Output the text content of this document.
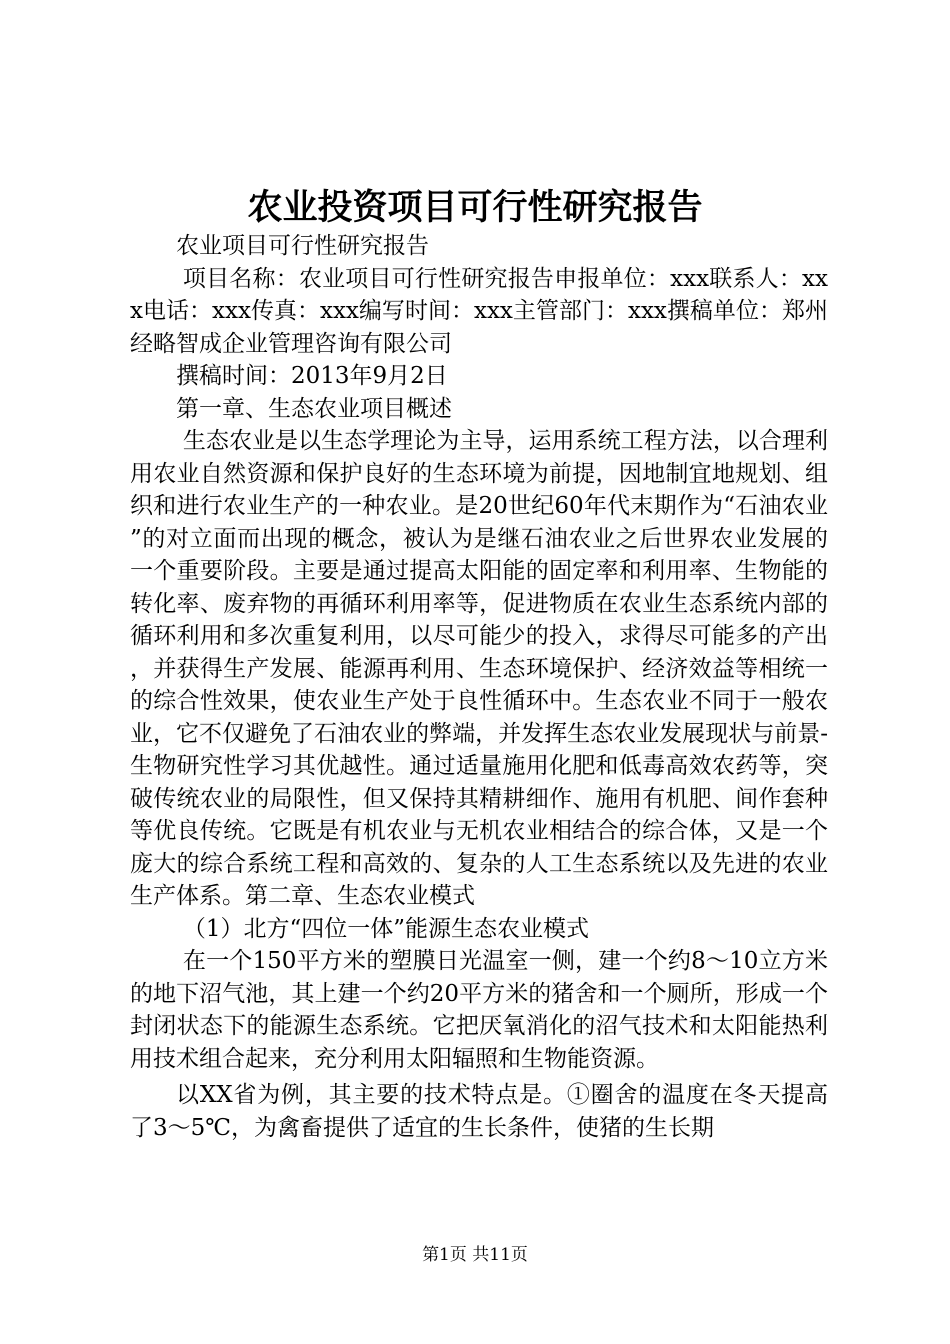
农业投资项目可行性研究报告

农业项目可行性研究报告

项目名称：农业项目可行性研究报告申报单位：xxx联系人：xxx电话：xxx传真：xxx编写时间：xxx主管部门：xxx撰稿单位：郑州经略智成企业管理咨询有限公司

撰稿时间：2013年9月2日

第一章、生态农业项目概述

生态农业是以生态学理论为主导，运用系统工程方法，以合理利用农业自然资源和保护良好的生态环境为前提，因地制宜地规划、组织和进行农业生产的一种农业。是20世纪60年代末期作为“石油农业”的对立面而出现的概念，被认为是继石油农业之后世界农业发展的一个重要阶段。主要是通过提高太阳能的固定率和利用率、生物能的转化率、废弃物的再循环利用率等，促进物质在农业生态系统内部的循环利用和多次重复利用，以尽可能少的投入，求得尽可能多的产出，并获得生产发展、能源再利用、生态环境保护、经济效益等相统一的综合性效果，使农业生产处于良性循环中。生态农业不同于一般农业，它不仅避免了石油农业的弊端，并发挥生态农业发展现状与前景-生物研究性学习其优越性。通过适量施用化肥和低毒高效农药等，突破传统农业的局限性，但又保持其精耕细作、施用有机肥、间作套种等优良传统。它既是有机农业与无机农业相结合的综合体，又是一个庞大的综合系统工程和高效的、复杂的人工生态系统以及先进的农业生产体系。第二章、生态农业模式

（1）北方“四位一体”能源生态农业模式

在一个150平方米的塑膜日光温室一侧，建一个约8～10立方米的地下沼气池，其上建一个约20平方米的猪舍和一个厕所，形成一个封闭状态下的能源生态系统。它把厌氧消化的沼气技术和太阳能热利用技术组合起来，充分利用太阳辐照和生物能资源。

以XX省为例，其主要的技术特点是。①圈舍的温度在冬天提高了3～5℃，为禽畜提供了适宜的生长条件，使猪的生长期

第1页 共11页
